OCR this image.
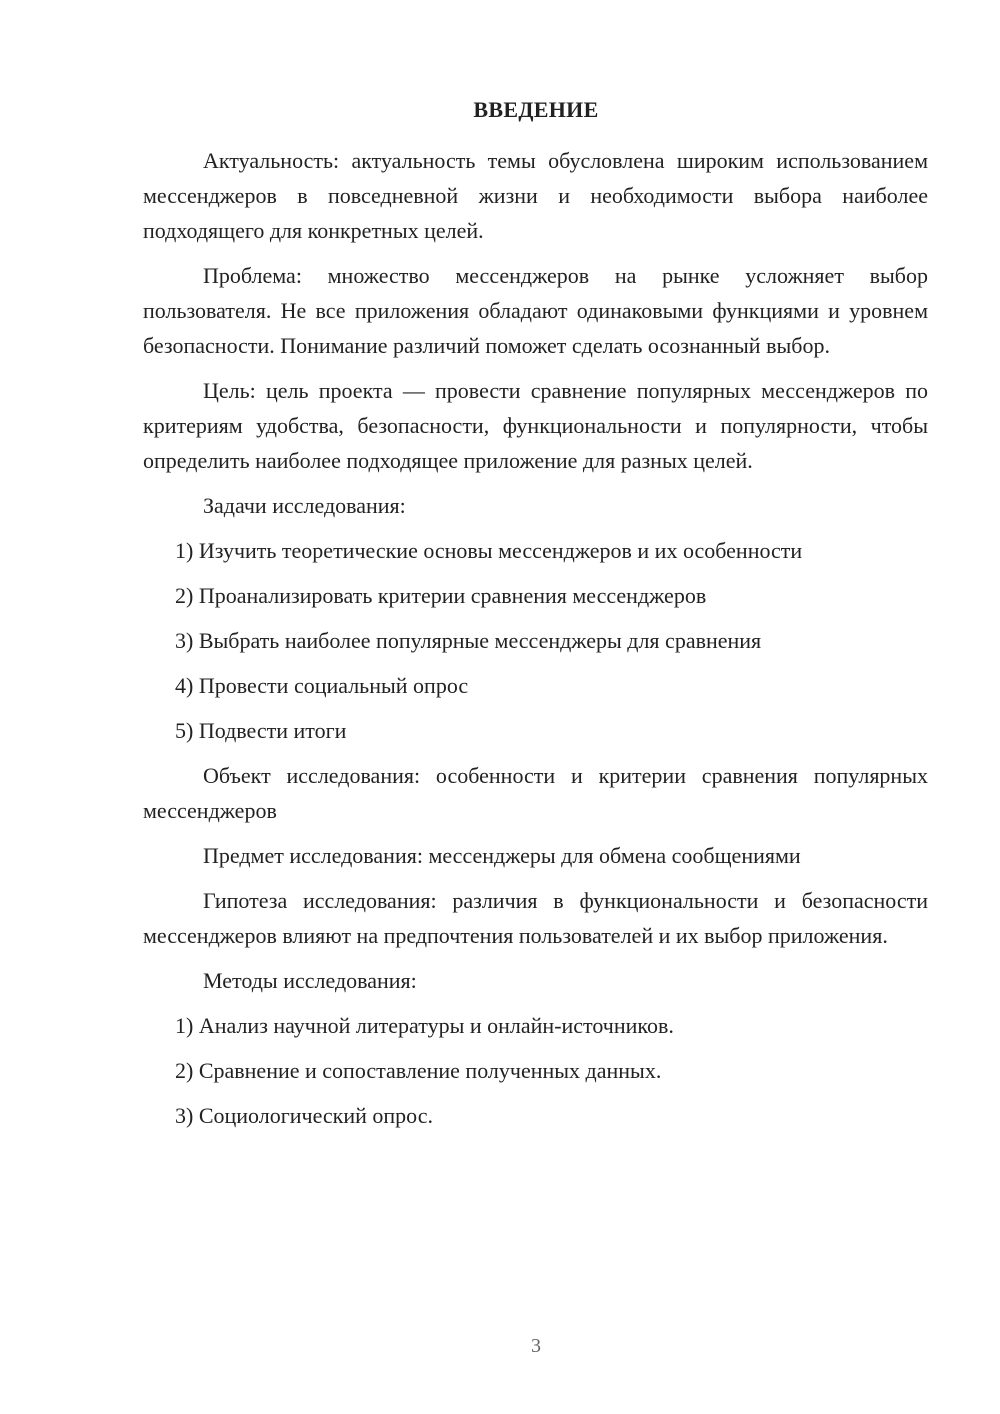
ВВЕДЕНИЕ

Актуальность: актуальность темы обусловлена широким использованием мессенджеров в повседневной жизни и необходимости выбора наиболее подходящего для конкретных целей.

Проблема: множество мессенджеров на рынке усложняет выбор пользователя. Не все приложения обладают одинаковыми функциями и уровнем безопасности. Понимание различий поможет сделать осознанный выбор.

Цель: цель проекта — провести сравнение популярных мессенджеров по критериям удобства, безопасности, функциональности и популярности, чтобы определить наиболее подходящее приложение для разных целей.

Задачи исследования:

1) Изучить теоретические основы мессенджеров и их особенности
2) Проанализировать критерии сравнения мессенджеров
3) Выбрать наиболее популярные мессенджеры для сравнения
4) Провести социальный опрос
5) Подвести итоги

Объект исследования: особенности и критерии сравнения популярных мессенджеров

Предмет исследования: мессенджеры для обмена сообщениями

Гипотеза исследования: различия в функциональности и безопасности мессенджеров влияют на предпочтения пользователей и их выбор приложения.

Методы исследования:

1) Анализ научной литературы и онлайн-источников.
2) Сравнение и сопоставление полученных данных.
3) Социологический опрос.
3
